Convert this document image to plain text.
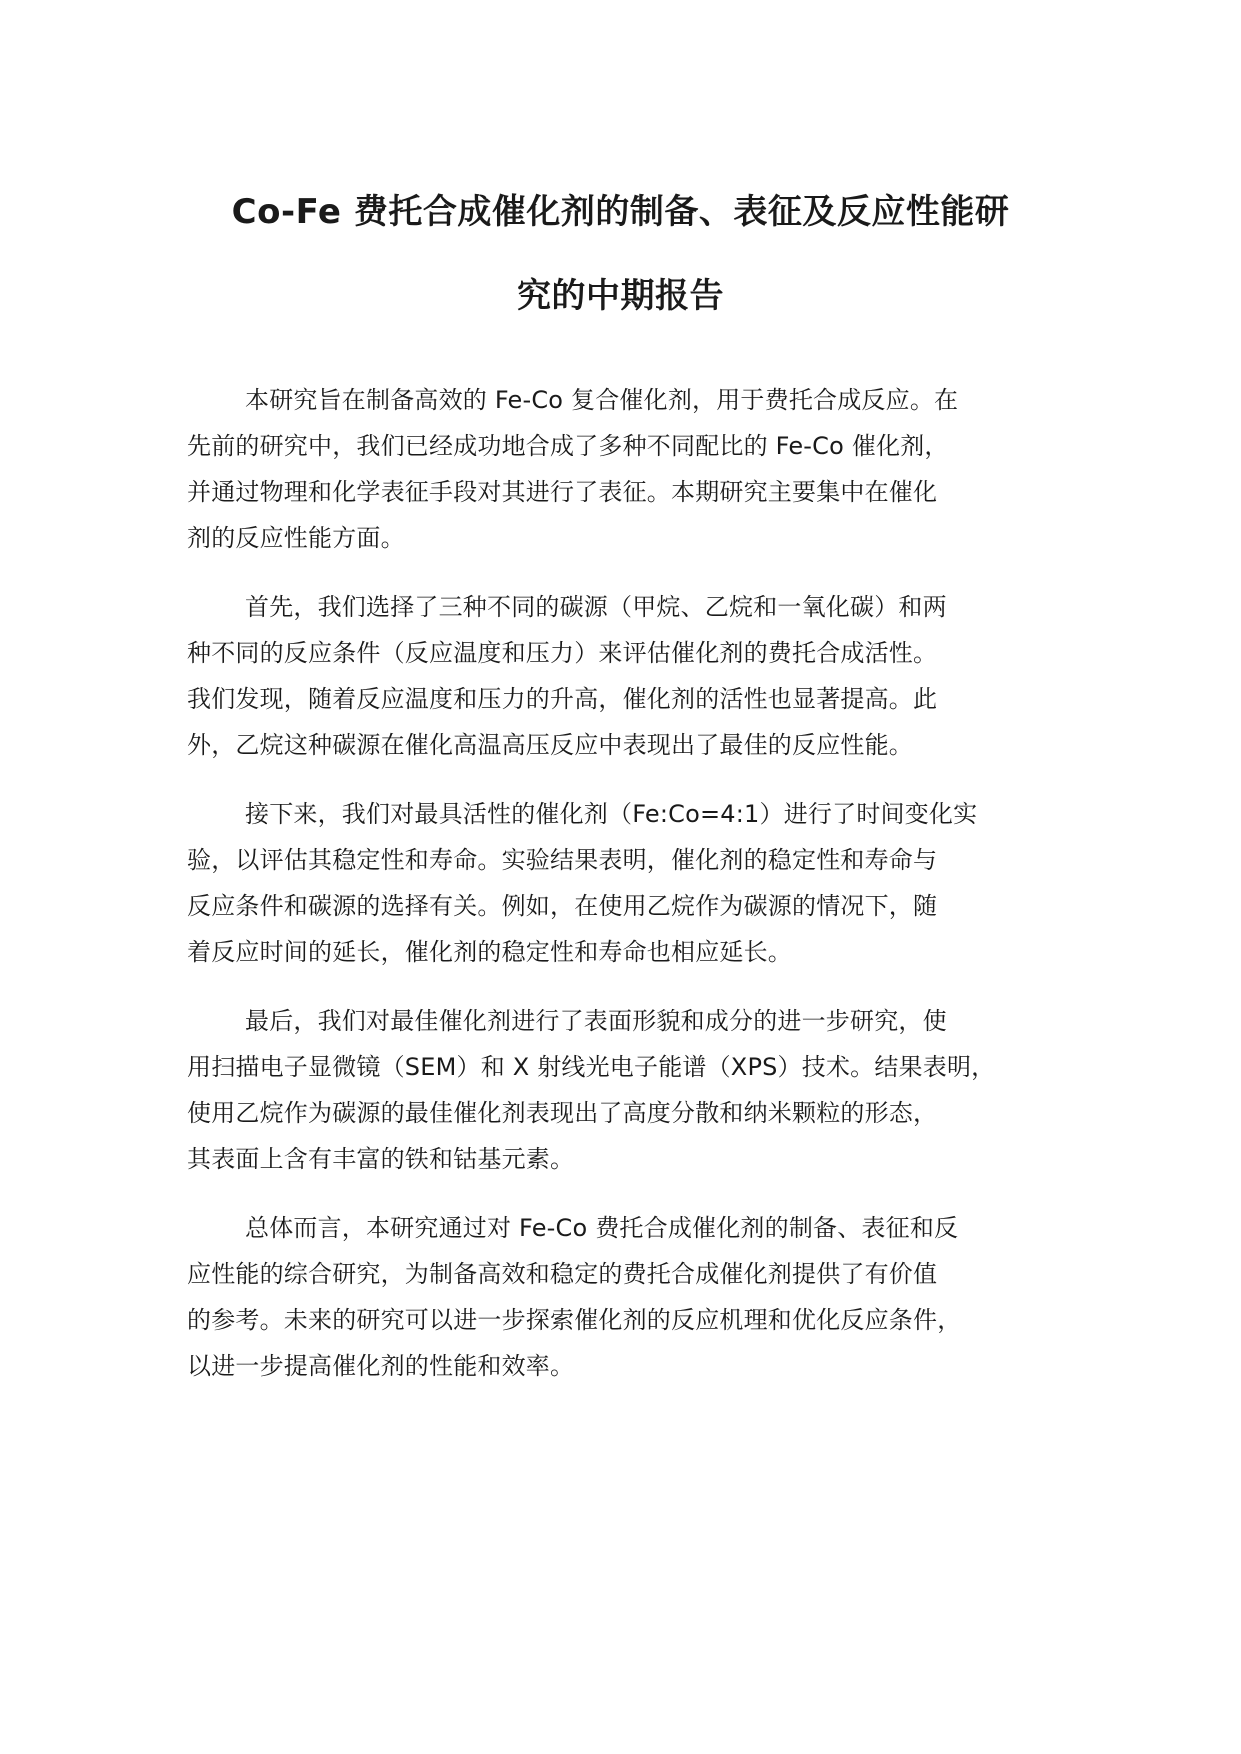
Co-Fe 费托合成催化剂的制备、表征及反应性能研
究的中期报告

本研究旨在制备高效的 Fe-Co 复合催化剂，用于费托合成反应。在
先前的研究中，我们已经成功地合成了多种不同配比的 Fe-Co 催化剂，
并通过物理和化学表征手段对其进行了表征。本期研究主要集中在催化
剂的反应性能方面。

首先，我们选择了三种不同的碳源（甲烷、乙烷和一氧化碳）和两
种不同的反应条件（反应温度和压力）来评估催化剂的费托合成活性。
我们发现，随着反应温度和压力的升高，催化剂的活性也显著提高。此
外，乙烷这种碳源在催化高温高压反应中表现出了最佳的反应性能。

接下来，我们对最具活性的催化剂（Fe:Co=4:1）进行了时间变化实
验，以评估其稳定性和寿命。实验结果表明，催化剂的稳定性和寿命与
反应条件和碳源的选择有关。例如，在使用乙烷作为碳源的情况下，随
着反应时间的延长，催化剂的稳定性和寿命也相应延长。

最后，我们对最佳催化剂进行了表面形貌和成分的进一步研究，使
用扫描电子显微镜（SEM）和 X 射线光电子能谱（XPS）技术。结果表明，
使用乙烷作为碳源的最佳催化剂表现出了高度分散和纳米颗粒的形态，
其表面上含有丰富的铁和钴基元素。

总体而言，本研究通过对 Fe-Co 费托合成催化剂的制备、表征和反
应性能的综合研究，为制备高效和稳定的费托合成催化剂提供了有价值
的参考。未来的研究可以进一步探索催化剂的反应机理和优化反应条件，
以进一步提高催化剂的性能和效率。
